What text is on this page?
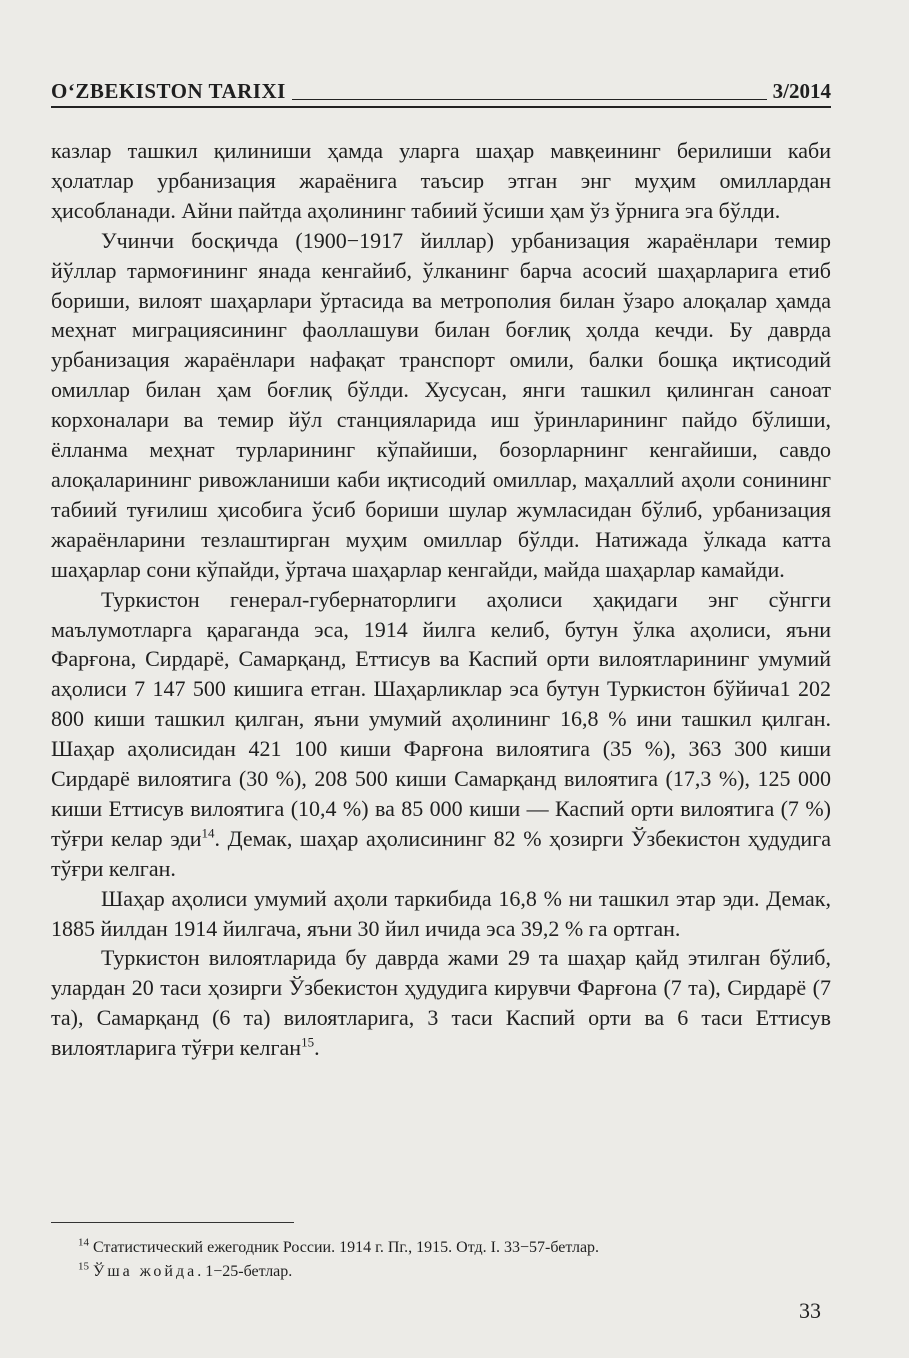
O‘ZBEKISTON TARIXI	3/2014

казлар ташкил қилиниши ҳамда уларга шаҳар мавқеининг берилиши каби ҳолатлар урбанизация жараёнига таъсир этган энг муҳим омиллардан ҳисобланади. Айни пайтда аҳолининг табиий ўсиши ҳам ўз ўрнига эга бўлди.

Учинчи босқичда (1900−1917 йиллар) урбанизация жараёнлари темир йўллар тармоғининг янада кенгайиб, ўлканинг барча асосий шаҳарларига етиб бориши, вилоят шаҳарлари ўртасида ва метрополия билан ўзаро алоқалар ҳамда меҳнат миграциясининг фаоллашуви билан боғлиқ ҳолда кечди. Бу даврда урбанизация жараёнлари нафақат транспорт омили, балки бошқа иқтисодий омиллар билан ҳам боғлиқ бўлди. Хусусан, янги ташкил қилинган саноат корхоналари ва темир йўл станцияларида иш ўринларининг пайдо бўлиши, ёлланма меҳнат турларининг кўпайиши, бозорларнинг кенгайиши, савдо алоқаларининг ривожланиши каби иқтисодий омиллар, маҳаллий аҳоли сонининг табиий туғилиш ҳисобига ўсиб бориши шулар жумласидан бўлиб, урбанизация жараёнларини тезлаштирган муҳим омиллар бўлди. Натижада ўлкада катта шаҳарлар сони кўпайди, ўртача шаҳарлар кенгайди, майда шаҳарлар камайди.

Туркистон генерал-губернаторлиги аҳолиси ҳақидаги энг сўнгги маълумотларга қараганда эса, 1914 йилга келиб, бутун ўлка аҳолиси, яъни Фарғона, Сирдарё, Самарқанд, Еттисув ва Каспий орти вилоятларининг умумий аҳолиси 7 147 500 кишига етган. Шаҳарликлар эса бутун Туркистон бўйича1 202 800 киши ташкил қилган, яъни умумий аҳолининг 16,8 % ини ташкил қилган. Шаҳар аҳолисидан 421 100 киши Фарғона вилоятига (35 %), 363 300 киши Сирдарё вилоятига (30 %), 208 500 киши Самарқанд вилоятига (17,3 %), 125 000 киши Еттисув вилоятига (10,4 %) ва 85 000 киши — Каспий орти вилоятига (7 %) тўғри келар эди$^{14}$. Демак, шаҳар аҳолисининг 82 % ҳозирги Ўзбекистон ҳудудига тўғри келган.

Шаҳар аҳолиси умумий аҳоли таркибида 16,8 % ни ташкил этар эди. Демак, 1885 йилдан 1914 йилгача, яъни 30 йил ичида эса 39,2 % га ортган.

Туркистон вилоятларида бу даврда жами 29 та шаҳар қайд этилган бўлиб, улардан 20 таси ҳозирги Ўзбекистон ҳудудига кирувчи Фарғона (7 та), Сирдарё (7 та), Самарқанд (6 та) вилоятларига, 3 таси Каспий орти ва 6 таси Еттисув вилоятларига тўғри келган$^{15}$.

$^{14}$ Статистический ежегодник России. 1914 г. Пг., 1915. Отд. I. 33−57-бетлар.
$^{15}$ Ўша жойда. 1−25-бетлар.
33
